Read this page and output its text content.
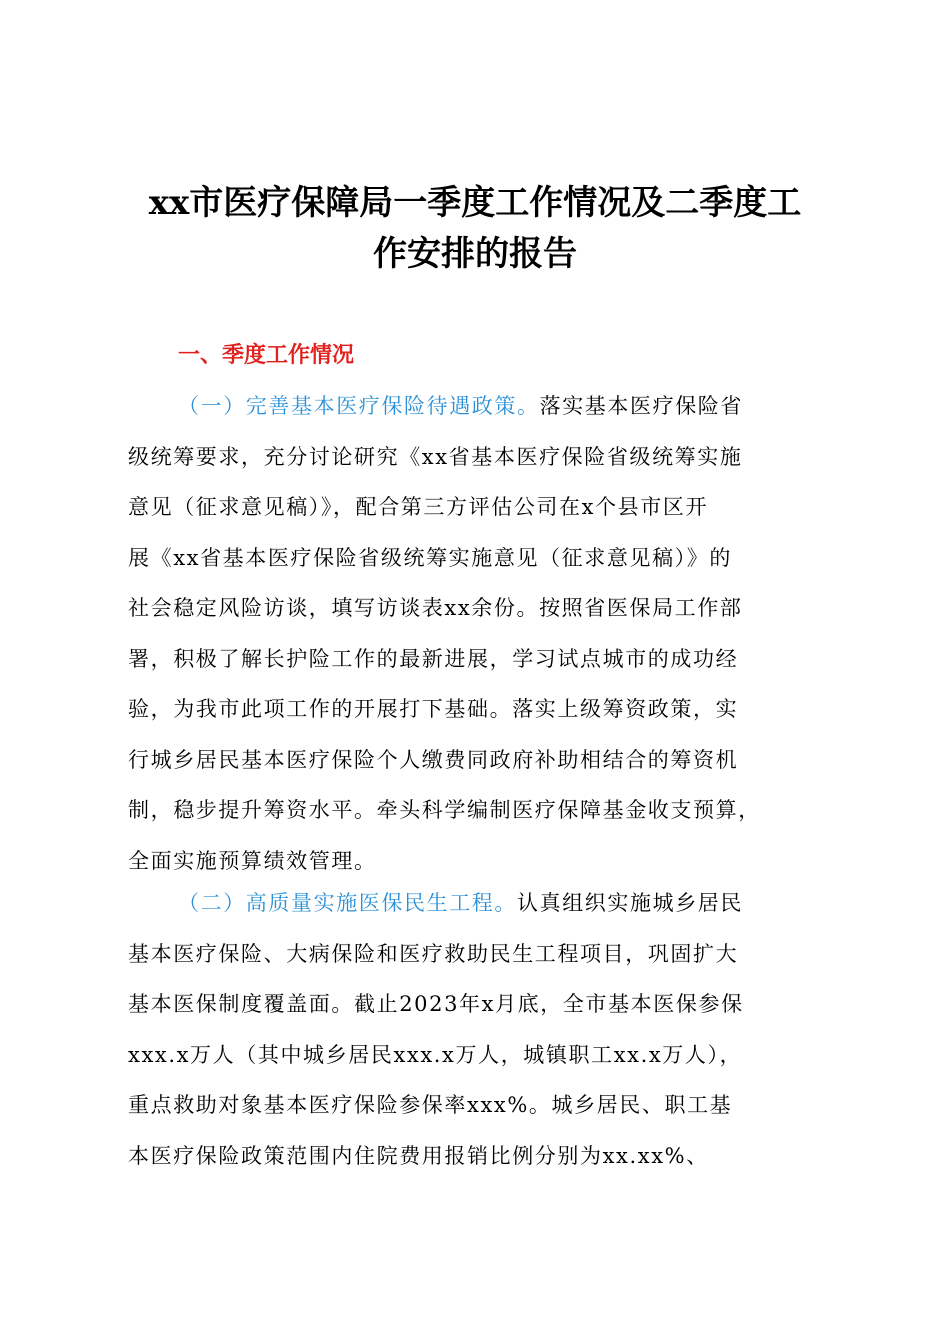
xx市医疗保障局一季度工作情况及二季度工
作安排的报告
一、季度工作情况
（一）完善基本医疗保险待遇政策。落实基本医疗保险省
级统筹要求，充分讨论研究《xx省基本医疗保险省级统筹实施
意见（征求意见稿）》，配合第三方评估公司在x个县市区开
展《xx省基本医疗保险省级统筹实施意见（征求意见稿）》的
社会稳定风险访谈，填写访谈表xx余份。按照省医保局工作部
署，积极了解长护险工作的最新进展，学习试点城市的成功经
验，为我市此项工作的开展打下基础。落实上级筹资政策，实
行城乡居民基本医疗保险个人缴费同政府补助相结合的筹资机
制，稳步提升筹资水平。牵头科学编制医疗保障基金收支预算，
全面实施预算绩效管理。
（二）高质量实施医保民生工程。认真组织实施城乡居民
基本医疗保险、大病保险和医疗救助民生工程项目，巩固扩大
基本医保制度覆盖面。截止2023年x月底，全市基本医保参保
xxx.x万人（其中城乡居民xxx.x万人，城镇职工xx.x万人），
重点救助对象基本医疗保险参保率xxx%。城乡居民、职工基
本医疗保险政策范围内住院费用报销比例分别为xx.xx%、
